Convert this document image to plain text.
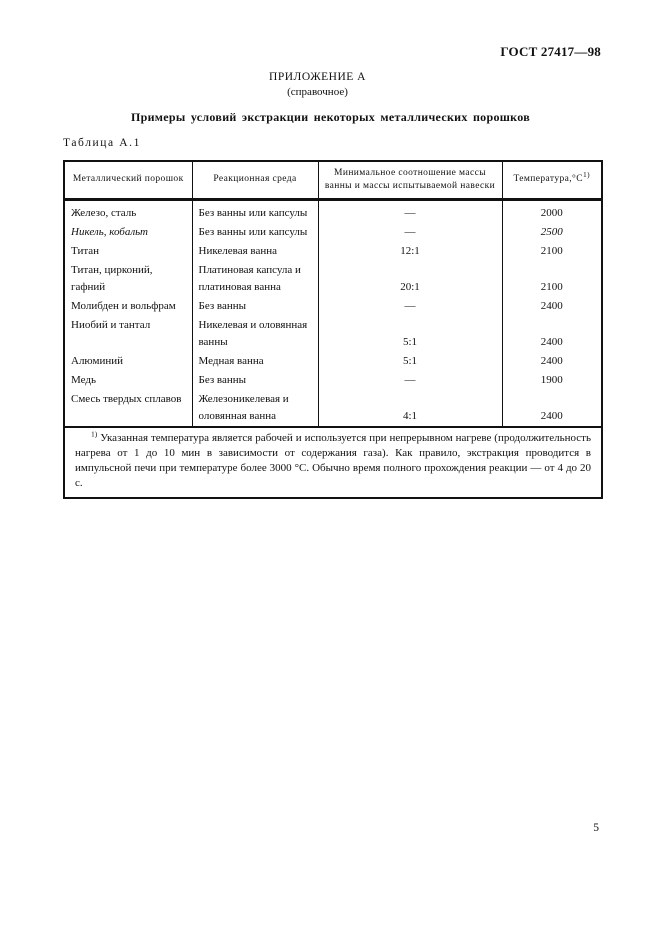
ГОСТ 27417—98
ПРИЛОЖЕНИЕ А
(справочное)
Примеры условий экстракции некоторых металлических порошков
Таблица А.1
Металлический порошок	Реакционная среда	Минимальное соотношение массы ванны и массы испытываемой навески	$Температура,^\circ С^{1)}$
Железо, сталь	Без ванны или капсулы	—	2000
Никель, кобальт	Без ванны или капсулы	—	2500
Титан	Никелевая ванна	12:1	2100
Титан, цирконий, гафний	Платиновая капсула и платиновая ванна	20:1	2100
Молибден и вольфрам	Без ванны	—	2400
Ниобий и тантал	Никелевая и оловянная ванны	5:1	2400
Алюминий	Медная ванна	5:1	2400
Медь	Без ванны	—	1900
Смесь твердых сплавов	Железоникелевая и оловянная ванна	4:1	2400

$^{1)}$ Указанная температура является рабочей и используется при непрерывном нагреве (продолжительность нагрева от 1 до 10 мин в зависимости от содержания газа). Как правило, экстракция проводится в импульсной печи при температуре более 3000 °С. Обычно время полного прохождения реакции — от 4 до 20 с.			
5
